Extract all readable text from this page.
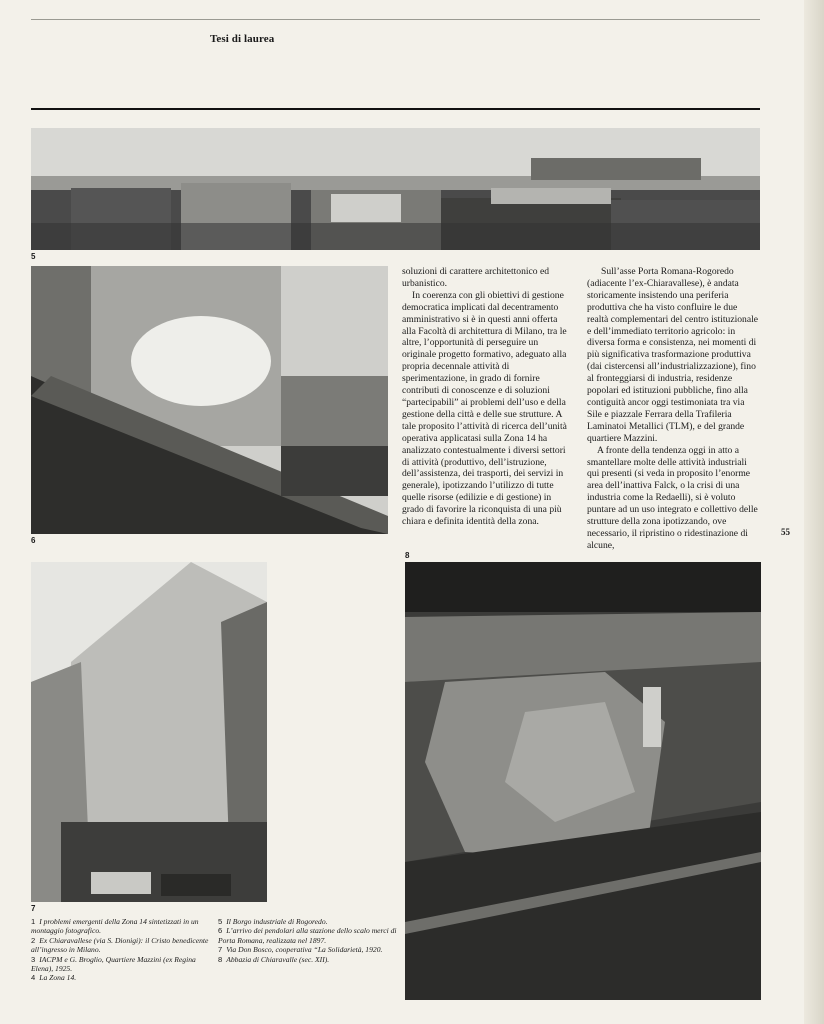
Tesi di laurea
5
6

soluzioni di carattere architettonico ed urbanistico.

In coerenza con gli obiettivi di gestione democratica implicati dal decentramento amministrativo si è in questi anni offerta alla Facoltà di architettura di Milano, tra le altre, l’opportunità di perseguire un originale progetto formativo, adeguato alla propria decennale attività di sperimentazione, in grado di fornire contributi di conoscenze e di soluzioni “partecipabili” ai problemi dell’uso e della gestione della città e delle sue strutture. A tale proposito l’attività di ricerca dell’unità operativa applicatasi sulla Zona 14 ha analizzato contestualmente i diversi settori di attività (produttivo, dell’istruzione, dell’assistenza, dei trasporti, dei servizi in generale), ipotizzando l’utilizzo di tutte quelle risorse (edilizie e di gestione) in grado di favorire la riconquista di una più chiara e definita identità della zona.

Sull’asse Porta Romana-Rogoredo (adiacente l’ex-Chiaravallese), è andata storicamente insistendo una periferia produttiva che ha visto confluire le due realtà complementari del centro istituzionale e dell’immediato territorio agricolo: in diversa forma e consistenza, nei momenti di più significativa trasformazione produttiva (dai cistercensi all’industrializzazione), fino al fronteggiarsi di industria, residenze popolari ed istituzioni pubbliche, fino alla contiguità ancor oggi testimoniata tra via Sile e piazzale Ferrara della Trafileria Laminatoi Metallici (TLM), e del grande quartiere Mazzini.

A fronte della tendenza oggi in atto a smantellare molte delle attività industriali qui presenti (si veda in proposito l’enorme area dell’inattiva Falck, o la crisi di una industria come la Redaelli), si è voluto puntare ad un uso integrato e collettivo delle strutture della zona ipotizzando, ove necessario, il ripristino o ridestinazione di alcune,

55
7
8
1 I problemi emergenti della Zona 14 sintetizzati in un montaggio fotografico.
2 Ex Chiaravallese (via S. Dionigi): il Cristo benedicente all’ingresso in Milano.
3 IACPM e G. Broglio, Quartiere Mazzini (ex Regina Elena), 1925.
4 La Zona 14.
5 Il Borgo industriale di Rogoredo.
6 L’arrivo dei pendolari alla stazione dello scalo merci di Porta Romana, realizzata nel 1897.
7 Via Don Bosco, cooperativa “La Solidarietà, 1920.
8 Abbazia di Chiaravalle (sec. XII).
